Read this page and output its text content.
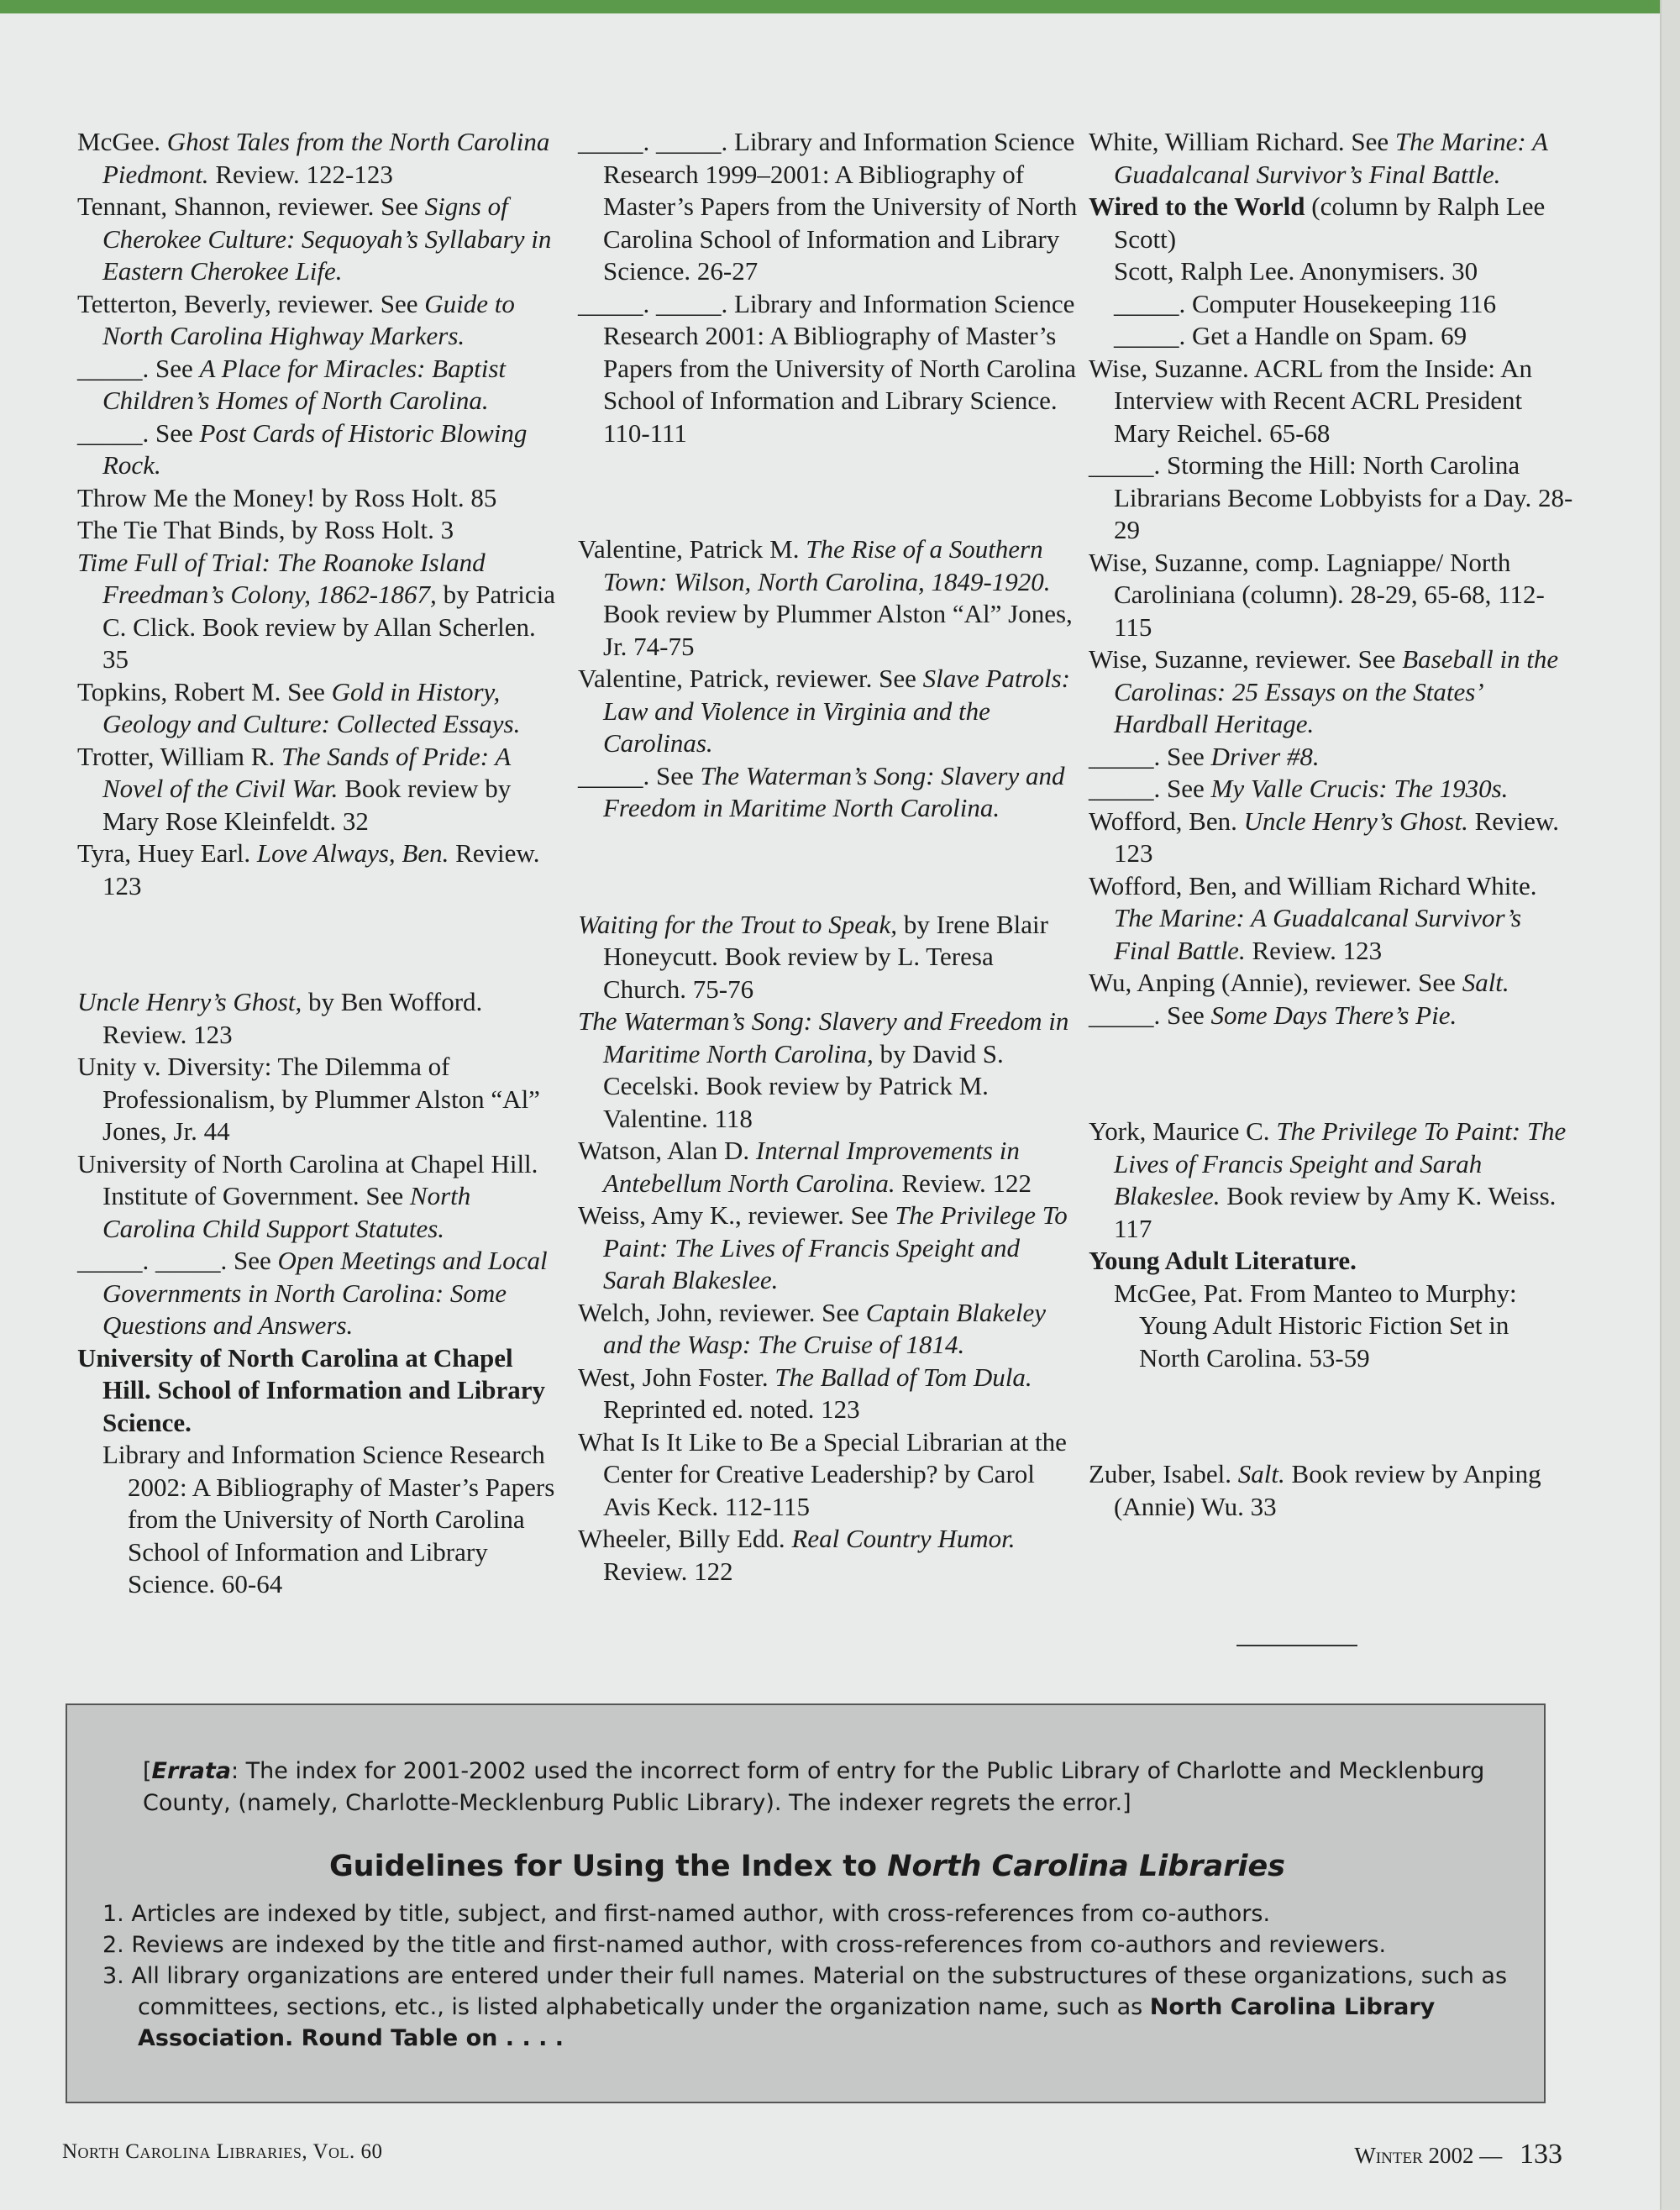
McGee. Ghost Tales from the North Carolina Piedmont. Review. 122-123

Tennant, Shannon, reviewer. See Signs of Cherokee Culture: Sequoyah’s Syllabary in Eastern Cherokee Life.

Tetterton, Beverly, reviewer. See Guide to North Carolina Highway Markers.

_____. See A Place for Miracles: Baptist Children’s Homes of North Carolina.

_____. See Post Cards of Historic Blowing Rock.

Throw Me the Money! by Ross Holt. 85

The Tie That Binds, by Ross Holt. 3

Time Full of Trial: The Roanoke Island Freedman’s Colony, 1862-1867, by Patricia C. Click. Book review by Allan Scherlen. 35

Topkins, Robert M. See Gold in History, Geology and Culture: Collected Essays.

Trotter, William R. The Sands of Pride: A Novel of the Civil War. Book review by Mary Rose Kleinfeldt. 32

Tyra, Huey Earl. Love Always, Ben. Review. 123

Uncle Henry’s Ghost, by Ben Wofford. Review. 123

Unity v. Diversity: The Dilemma of Professionalism, by Plummer Alston “Al” Jones, Jr. 44

University of North Carolina at Chapel Hill. Institute of Government. See North Carolina Child Support Statutes.

_____. _____. See Open Meetings and Local Governments in North Carolina: Some Questions and Answers.

University of North Carolina at Chapel Hill. School of Information and Library Science.

Library and Information Science Research 2002: A Bibliography of Master’s Papers from the University of North Carolina School of Information and Library Science. 60-64

_____. _____. Library and Information Science Research 1999–2001: A Bibliography of Master’s Papers from the University of North Carolina School of Information and Library Science. 26-27

_____. _____. Library and Information Science Research 2001: A Bibliography of Master’s Papers from the University of North Carolina School of Information and Library Science. 110-111

Valentine, Patrick M. The Rise of a Southern Town: Wilson, North Carolina, 1849-1920. Book review by Plummer Alston “Al” Jones, Jr. 74-75

Valentine, Patrick, reviewer. See Slave Patrols: Law and Violence in Virginia and the Carolinas.

_____. See The Waterman’s Song: Slavery and Freedom in Maritime North Carolina.

Waiting for the Trout to Speak, by Irene Blair Honeycutt. Book review by L. Teresa Church. 75-76

The Waterman’s Song: Slavery and Freedom in Maritime North Carolina, by David S. Cecelski. Book review by Patrick M. Valentine. 118

Watson, Alan D. Internal Improvements in Antebellum North Carolina. Review. 122

Weiss, Amy K., reviewer. See The Privilege To Paint: The Lives of Francis Speight and Sarah Blakeslee.

Welch, John, reviewer. See Captain Blakeley and the Wasp: The Cruise of 1814.

West, John Foster. The Ballad of Tom Dula. Reprinted ed. noted. 123

What Is It Like to Be a Special Librarian at the Center for Creative Leadership? by Carol Avis Keck. 112-115

Wheeler, Billy Edd. Real Country Humor. Review. 122

White, William Richard. See The Marine: A Guadalcanal Survivor’s Final Battle.

Wired to the World (column by Ralph Lee Scott)

Scott, Ralph Lee. Anonymisers. 30

_____. Computer Housekeeping 116

_____. Get a Handle on Spam. 69

Wise, Suzanne. ACRL from the Inside: An Interview with Recent ACRL President Mary Reichel. 65-68

_____. Storming the Hill: North Carolina Librarians Become Lobbyists for a Day. 28-29

Wise, Suzanne, comp. Lagniappe/ North Caroliniana (column). 28-29, 65-68, 112-115

Wise, Suzanne, reviewer. See Baseball in the Carolinas: 25 Essays on the States’ Hardball Heritage.

_____. See Driver #8.

_____. See My Valle Crucis: The 1930s.

Wofford, Ben. Uncle Henry’s Ghost. Review. 123

Wofford, Ben, and William Richard White. The Marine: A Guadalcanal Survivor’s Final Battle. Review. 123

Wu, Anping (Annie), reviewer. See Salt.

_____. See Some Days There’s Pie.

York, Maurice C. The Privilege To Paint: The Lives of Francis Speight and Sarah Blakeslee. Book review by Amy K. Weiss. 117

Young Adult Literature.

McGee, Pat. From Manteo to Murphy: Young Adult Historic Fiction Set in North Carolina. 53-59

Zuber, Isabel. Salt. Book review by Anping (Annie) Wu. 33

[Errata: The index for 2001-2002 used the incorrect form of entry for the Public Library of Charlotte and Mecklenburg County, (namely, Charlotte-Mecklenburg Public Library). The indexer regrets the error.]
Guidelines for Using the Index to North Carolina Libraries
1. Articles are indexed by title, subject, and first-named author, with cross-references from co-authors.
2. Reviews are indexed by the title and first-named author, with cross-references from co-authors and reviewers.
3. All library organizations are entered under their full names. Material on the substructures of these organizations, such as committees, sections, etc., is listed alphabetically under the organization name, such as North Carolina Library Association. Round Table on . . . .
North Carolina Libraries, Vol. 60	Winter 2002 — 133
